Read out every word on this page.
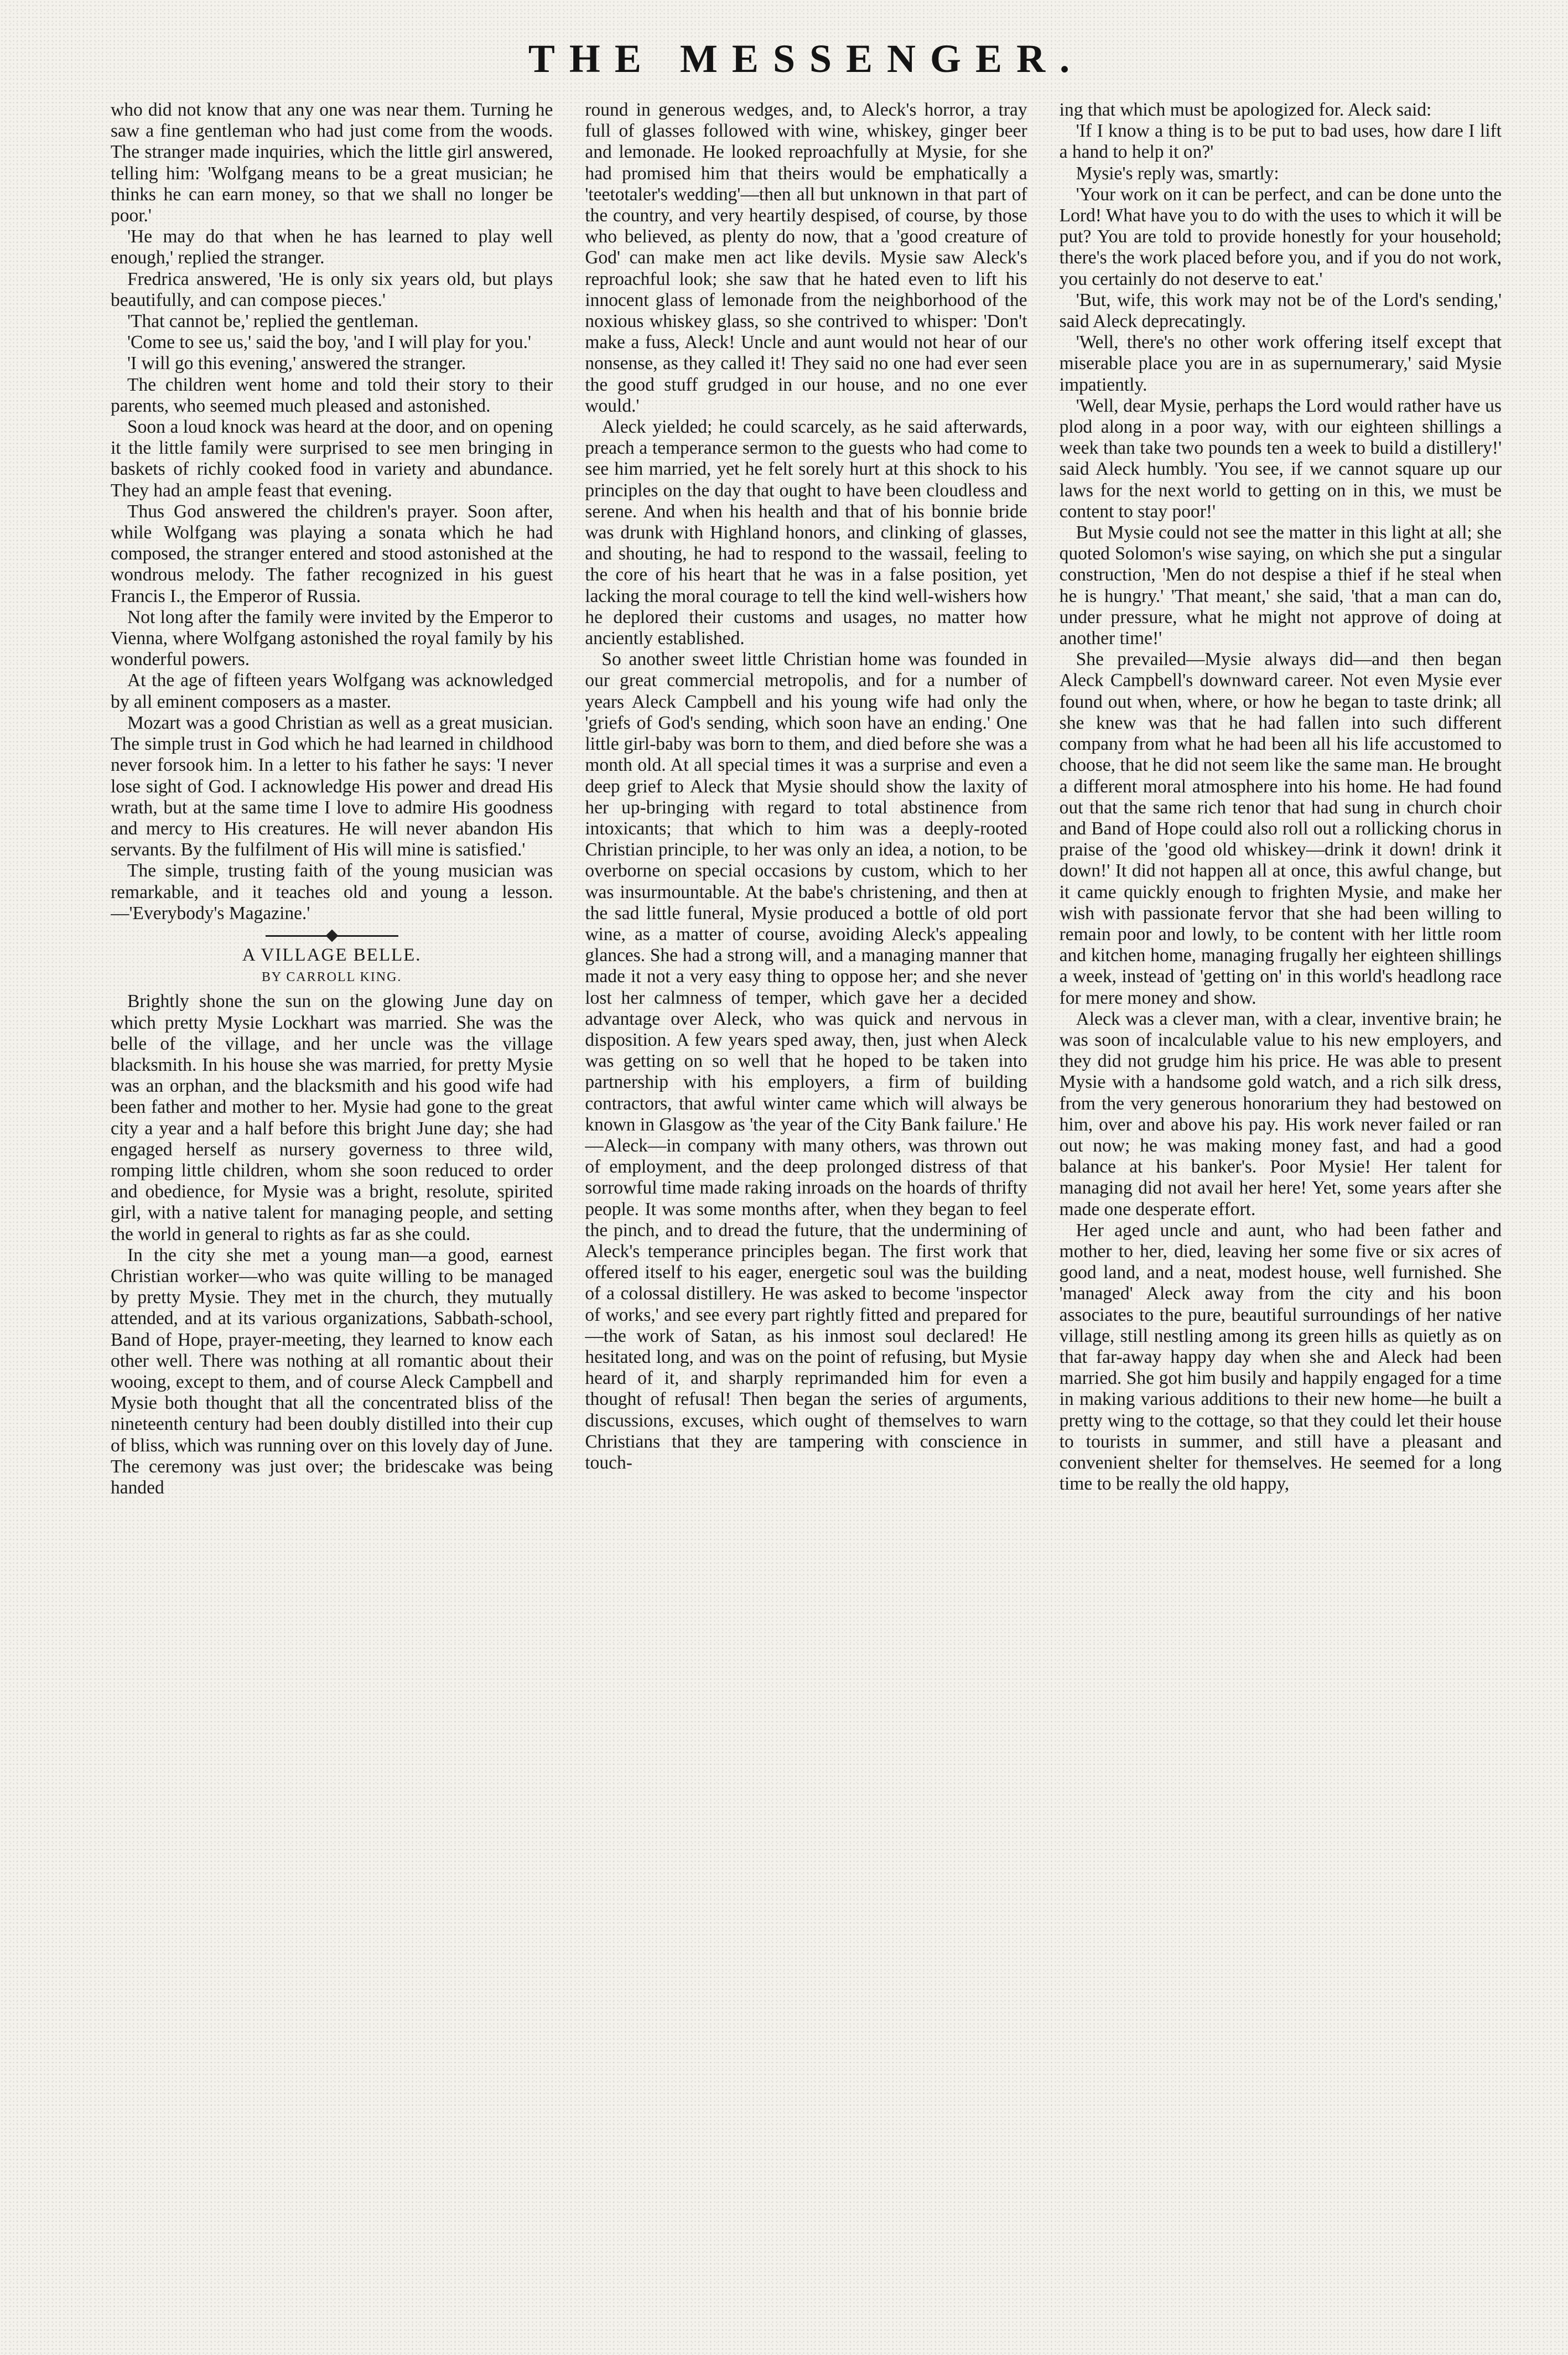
THE MESSENGER.

who did not know that any one was near them. Turning he saw a fine gentleman who had just come from the woods. The stranger made inquiries, which the little girl answered, telling him: 'Wolfgang means to be a great musician; he thinks he can earn money, so that we shall no longer be poor.'

'He may do that when he has learned to play well enough,' replied the stranger.

Fredrica answered, 'He is only six years old, but plays beautifully, and can compose pieces.'

'That cannot be,' replied the gentleman.

'Come to see us,' said the boy, 'and I will play for you.'

'I will go this evening,' answered the stranger.

The children went home and told their story to their parents, who seemed much pleased and astonished.

Soon a loud knock was heard at the door, and on opening it the little family were surprised to see men bringing in baskets of richly cooked food in variety and abundance. They had an ample feast that evening.

Thus God answered the children's prayer. Soon after, while Wolfgang was playing a sonata which he had composed, the stranger entered and stood astonished at the wondrous melody. The father recognized in his guest Francis I., the Emperor of Russia.

Not long after the family were invited by the Emperor to Vienna, where Wolfgang astonished the royal family by his wonderful powers.

At the age of fifteen years Wolfgang was acknowledged by all eminent composers as a master.

Mozart was a good Christian as well as a great musician. The simple trust in God which he had learned in childhood never forsook him. In a letter to his father he says: 'I never lose sight of God. I acknowledge His power and dread His wrath, but at the same time I love to admire His goodness and mercy to His creatures. He will never abandon His servants. By the fulfilment of His will mine is satisfied.'

The simple, trusting faith of the young musician was remarkable, and it teaches old and young a lesson.—'Everybody's Magazine.'

A VILLAGE BELLE.
BY CARROLL KING.

Brightly shone the sun on the glowing June day on which pretty Mysie Lockhart was married. She was the belle of the village, and her uncle was the village blacksmith. In his house she was married, for pretty Mysie was an orphan, and the blacksmith and his good wife had been father and mother to her. Mysie had gone to the great city a year and a half before this bright June day; she had engaged herself as nursery governess to three wild, romping little children, whom she soon reduced to order and obedience, for Mysie was a bright, resolute, spirited girl, with a native talent for managing people, and setting the world in general to rights as far as she could.

In the city she met a young man—a good, earnest Christian worker—who was quite willing to be managed by pretty Mysie. They met in the church, they mutually attended, and at its various organizations, Sabbath-school, Band of Hope, prayer-meeting, they learned to know each other well. There was nothing at all romantic about their wooing, except to them, and of course Aleck Campbell and Mysie both thought that all the concentrated bliss of the nineteenth century had been doubly distilled into their cup of bliss, which was running over on this lovely day of June. The ceremony was just over; the bridescake was being handed

round in generous wedges, and, to Aleck's horror, a tray full of glasses followed with wine, whiskey, ginger beer and lemonade. He looked reproachfully at Mysie, for she had promised him that theirs would be emphatically a 'teetotaler's wedding'—then all but unknown in that part of the country, and very heartily despised, of course, by those who believed, as plenty do now, that a 'good creature of God' can make men act like devils. Mysie saw Aleck's reproachful look; she saw that he hated even to lift his innocent glass of lemonade from the neighborhood of the noxious whiskey glass, so she contrived to whisper: 'Don't make a fuss, Aleck! Uncle and aunt would not hear of our nonsense, as they called it! They said no one had ever seen the good stuff grudged in our house, and no one ever would.'

Aleck yielded; he could scarcely, as he said afterwards, preach a temperance sermon to the guests who had come to see him married, yet he felt sorely hurt at this shock to his principles on the day that ought to have been cloudless and serene. And when his health and that of his bonnie bride was drunk with Highland honors, and clinking of glasses, and shouting, he had to respond to the wassail, feeling to the core of his heart that he was in a false position, yet lacking the moral courage to tell the kind well-wishers how he deplored their customs and usages, no matter how anciently established.

So another sweet little Christian home was founded in our great commercial metropolis, and for a number of years Aleck Campbell and his young wife had only the 'griefs of God's sending, which soon have an ending.' One little girl-baby was born to them, and died before she was a month old. At all special times it was a surprise and even a deep grief to Aleck that Mysie should show the laxity of her up-bringing with regard to total abstinence from intoxicants; that which to him was a deeply-rooted Christian principle, to her was only an idea, a notion, to be overborne on special occasions by custom, which to her was insurmountable. At the babe's christening, and then at the sad little funeral, Mysie produced a bottle of old port wine, as a matter of course, avoiding Aleck's appealing glances. She had a strong will, and a managing manner that made it not a very easy thing to oppose her; and she never lost her calmness of temper, which gave her a decided advantage over Aleck, who was quick and nervous in disposition. A few years sped away, then, just when Aleck was getting on so well that he hoped to be taken into partnership with his employers, a firm of building contractors, that awful winter came which will always be known in Glasgow as 'the year of the City Bank failure.' He—Aleck—in company with many others, was thrown out of employment, and the deep prolonged distress of that sorrowful time made raking inroads on the hoards of thrifty people. It was some months after, when they began to feel the pinch, and to dread the future, that the undermining of Aleck's temperance principles began. The first work that offered itself to his eager, energetic soul was the building of a colossal distillery. He was asked to become 'inspector of works,' and see every part rightly fitted and prepared for—the work of Satan, as his inmost soul declared! He hesitated long, and was on the point of refusing, but Mysie heard of it, and sharply reprimanded him for even a thought of refusal! Then began the series of arguments, discussions, excuses, which ought of themselves to warn Christians that they are tampering with conscience in touch-

ing that which must be apologized for. Aleck said:

'If I know a thing is to be put to bad uses, how dare I lift a hand to help it on?'

Mysie's reply was, smartly:

'Your work on it can be perfect, and can be done unto the Lord! What have you to do with the uses to which it will be put? You are told to provide honestly for your household; there's the work placed before you, and if you do not work, you certainly do not deserve to eat.'

'But, wife, this work may not be of the Lord's sending,' said Aleck deprecatingly.

'Well, there's no other work offering itself except that miserable place you are in as supernumerary,' said Mysie impatiently.

'Well, dear Mysie, perhaps the Lord would rather have us plod along in a poor way, with our eighteen shillings a week than take two pounds ten a week to build a distillery!' said Aleck humbly. 'You see, if we cannot square up our laws for the next world to getting on in this, we must be content to stay poor!'

But Mysie could not see the matter in this light at all; she quoted Solomon's wise saying, on which she put a singular construction, 'Men do not despise a thief if he steal when he is hungry.' 'That meant,' she said, 'that a man can do, under pressure, what he might not approve of doing at another time!'

She prevailed—Mysie always did—and then began Aleck Campbell's downward career. Not even Mysie ever found out when, where, or how he began to taste drink; all she knew was that he had fallen into such different company from what he had been all his life accustomed to choose, that he did not seem like the same man. He brought a different moral atmosphere into his home. He had found out that the same rich tenor that had sung in church choir and Band of Hope could also roll out a rollicking chorus in praise of the 'good old whiskey—drink it down! drink it down!' It did not happen all at once, this awful change, but it came quickly enough to frighten Mysie, and make her wish with passionate fervor that she had been willing to remain poor and lowly, to be content with her little room and kitchen home, managing frugally her eighteen shillings a week, instead of 'getting on' in this world's headlong race for mere money and show.

Aleck was a clever man, with a clear, inventive brain; he was soon of incalculable value to his new employers, and they did not grudge him his price. He was able to present Mysie with a handsome gold watch, and a rich silk dress, from the very generous honorarium they had bestowed on him, over and above his pay. His work never failed or ran out now; he was making money fast, and had a good balance at his banker's. Poor Mysie! Her talent for managing did not avail her here! Yet, some years after she made one desperate effort.

Her aged uncle and aunt, who had been father and mother to her, died, leaving her some five or six acres of good land, and a neat, modest house, well furnished. She 'managed' Aleck away from the city and his boon associates to the pure, beautiful surroundings of her native village, still nestling among its green hills as quietly as on that far-away happy day when she and Aleck had been married. She got him busily and happily engaged for a time in making various additions to their new home—he built a pretty wing to the cottage, so that they could let their house to tourists in summer, and still have a pleasant and convenient shelter for themselves. He seemed for a long time to be really the old happy,
